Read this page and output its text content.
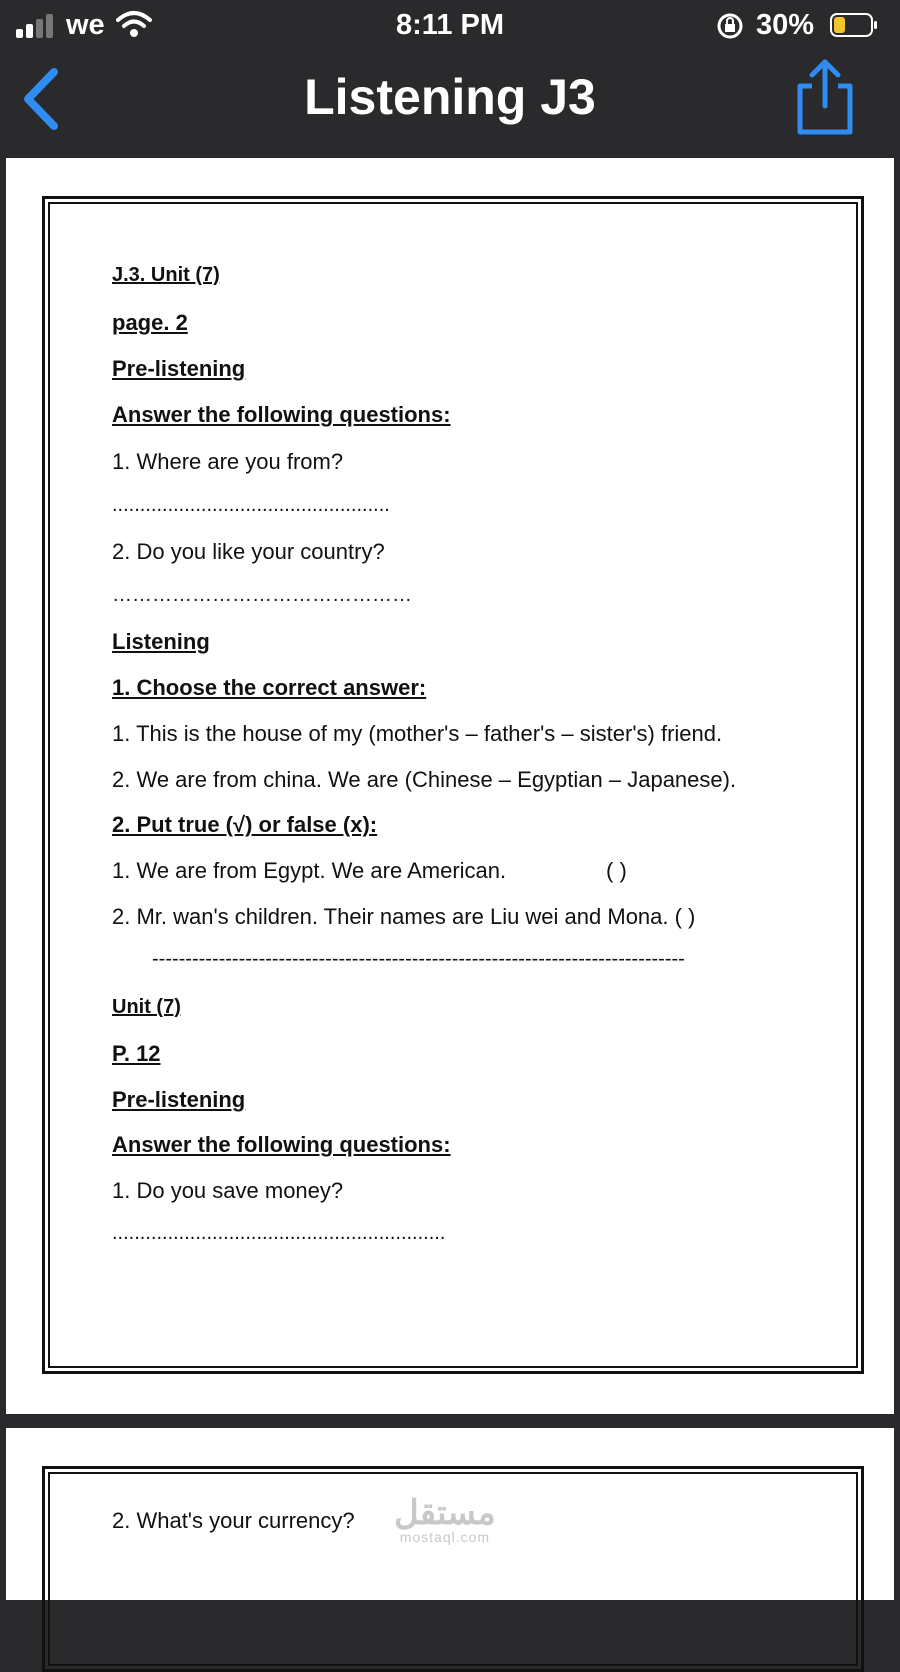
we	8:11 PM	30%
Listening J3
J.3. Unit (7)
page. 2
Pre-listening
Answer the following questions:
1. Where are you from?
..................................................
2. Do you like your country?
………………………………………
Listening
1. Choose the correct answer:
1. This is the house of my (mother's – father's – sister's) friend.
2. We are from china. We are (Chinese – Egyptian – Japanese).
2. Put true (√) or false (x):
1. We are from Egypt. We are American.	( )
2. Mr. wan's children. Their names are Liu wei and Mona. ( )
--------------------------------------------------------------------------------
Unit (7)
P. 12
Pre-listening
Answer the following questions:
1. Do you save money?
............................................................
2. What's your currency? مستقل
mostaql.com
